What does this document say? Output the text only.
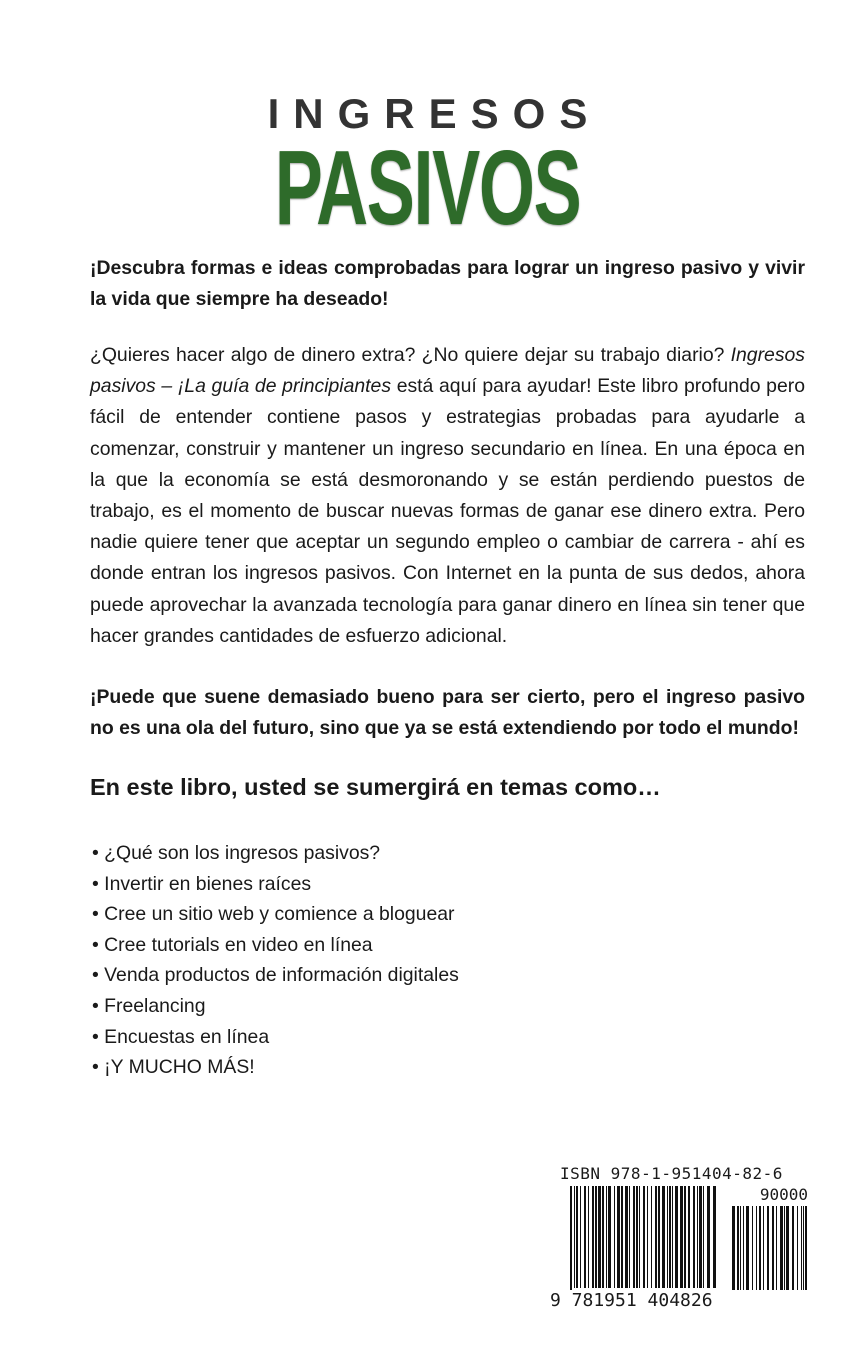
INGRESOS
PASIVOS

¡Descubra formas e ideas comprobadas para lograr un ingreso pasivo y vivir la vida que siempre ha deseado!

¿Quieres hacer algo de dinero extra? ¿No quiere dejar su trabajo diario? Ingresos pasivos – ¡La guía de principiantes está aquí para ayudar! Este libro profundo pero fácil de entender contiene pasos y estrategias probadas para ayudarle a comenzar, construir y mantener un ingreso secundario en línea. En una época en la que la economía se está desmoronando y se están perdiendo puestos de trabajo, es el momento de buscar nuevas formas de ganar ese dinero extra. Pero nadie quiere tener que aceptar un segundo empleo o cambiar de carrera - ahí es donde entran los ingresos pasivos. Con Internet en la punta de sus dedos, ahora puede aprovechar la avanzada tecnología para ganar dinero en línea sin tener que hacer grandes cantidades de esfuerzo adicional.

¡Puede que suene demasiado bueno para ser cierto, pero el ingreso pasivo no es una ola del futuro, sino que ya se está extendiendo por todo el mundo!

En este libro, usted se sumergirá en temas como…
• ¿Qué son los ingresos pasivos?
• Invertir en bienes raíces
• Cree un sitio web y comience a bloguear
• Cree tutorials en video en línea
• Venda productos de información digitales
• Freelancing
• Encuestas en línea
• ¡Y MUCHO MÁS!
ISBN 978-1-951404-82-6
90000
9 781951 404826
